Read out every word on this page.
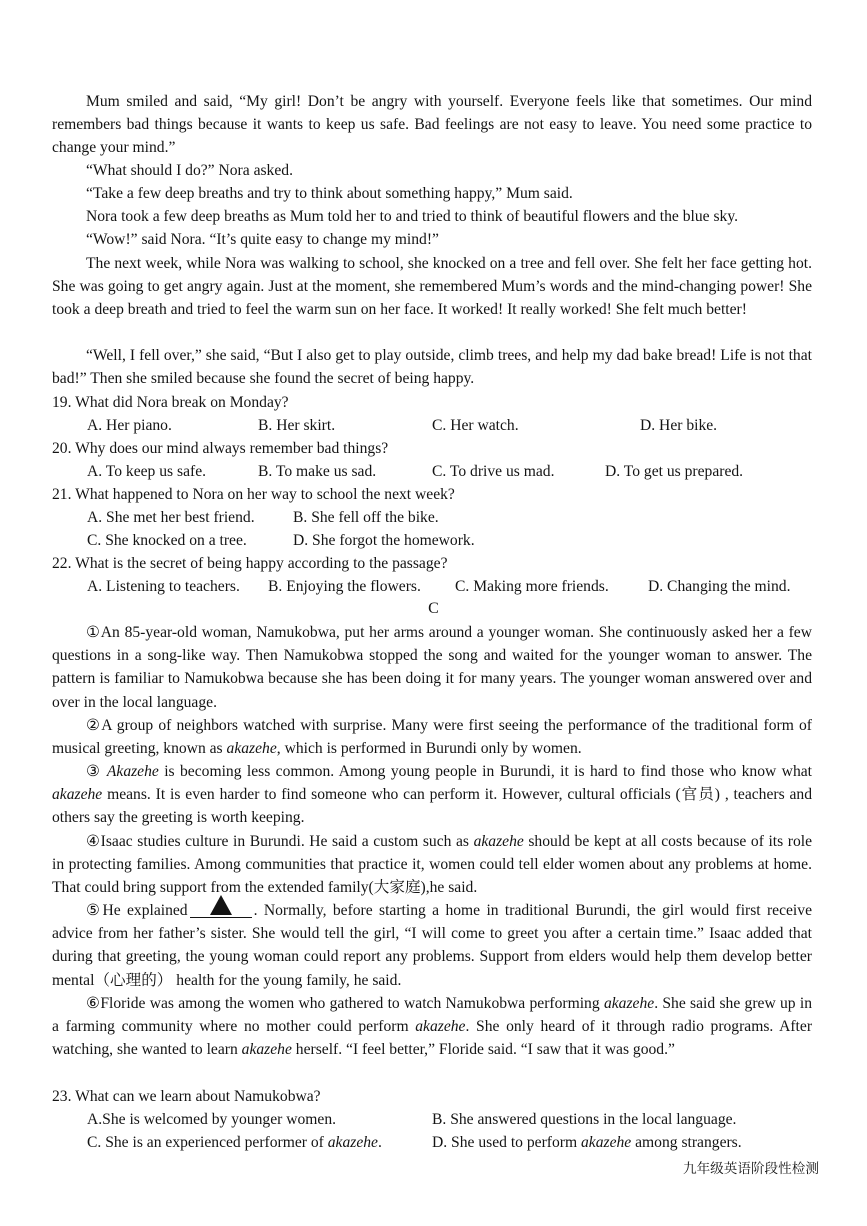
Mum smiled and said, “My girl! Don’t be angry with yourself. Everyone feels like that sometimes. Our mind remembers bad things because it wants to keep us safe. Bad feelings are not easy to leave. You need some practice to change your mind.”
“What should I do?” Nora asked.
“Take a few deep breaths and try to think about something happy,” Mum said.
Nora took a few deep breaths as Mum told her to and tried to think of beautiful flowers and the blue sky.
“Wow!” said Nora. “It’s quite easy to change my mind!”
The next week, while Nora was walking to school, she knocked on a tree and fell over. She felt her face getting hot. She was going to get angry again. Just at the moment, she remembered Mum’s words and the mind-changing power! She took a deep breath and tried to feel the warm sun on her face. It worked! It really worked! She felt much better!
“Well, I fell over,” she said, “But I also get to play outside, climb trees, and help my dad bake bread! Life is not that bad!” Then she smiled because she found the secret of being happy.
19. What did Nora break on Monday?
A. Her piano.	B. Her skirt.	C. Her watch.	D. Her bike.
20. Why does our mind always remember bad things?
A. To keep us safe.	B. To make us sad.	C. To drive us mad.	D. To get us prepared.
21. What happened to Nora on her way to school the next week?
A. She met her best friend. B. She fell off the bike.
C. She knocked on a tree.	D. She forgot the homework.
22. What is the secret of being happy according to the passage?
A. Listening to teachers. B. Enjoying the flowers. C. Making more friends.	D. Changing the mind.
C
①An 85-year-old woman, Namukobwa, put her arms around a younger woman. She continuously asked her a few questions in a song-like way. Then Namukobwa stopped the song and waited for the younger woman to answer. The pattern is familiar to Namukobwa because she has been doing it for many years. The younger woman answered over and over in the local language.
②A group of neighbors watched with surprise. Many were first seeing the performance of the traditional form of musical greeting, known as akazehe, which is performed in Burundi only by women.
③ Akazehe is becoming less common. Among young people in Burundi, it is hard to find those who know what akazehe means. It is even harder to find someone who can perform it. However, cultural officials (官员) , teachers and others say the greeting is worth keeping.
④Isaac studies culture in Burundi. He said a custom such as akazehe should be kept at all costs because of its role in protecting families. Among communities that practice it, women could tell elder women about any problems at home. That could bring support from the extended family(大家庭),he said.
⑤He explained	. Normally, before starting a home in traditional Burundi, the girl would first receive advice from her father’s sister. She would tell the girl, “I will come to greet you after a certain time.” Isaac added that during that greeting, the young woman could report any problems. Support from elders would help them develop better mental（心理的） health for the young family, he said.
⑥Floride was among the women who gathered to watch Namukobwa performing akazehe. She said she grew up in a farming community where no mother could perform akazehe. She only heard of it through radio programs. After watching, she wanted to learn akazehe herself. “I feel better,” Floride said. “I saw that it was good.”
23. What can we learn about Namukobwa?
A.She is welcomed by younger women.	B. She answered questions in the local language.
C. She is an experienced performer of akazehe.	D. She used to perform akazehe among strangers.
九年级英语阶段性检测
